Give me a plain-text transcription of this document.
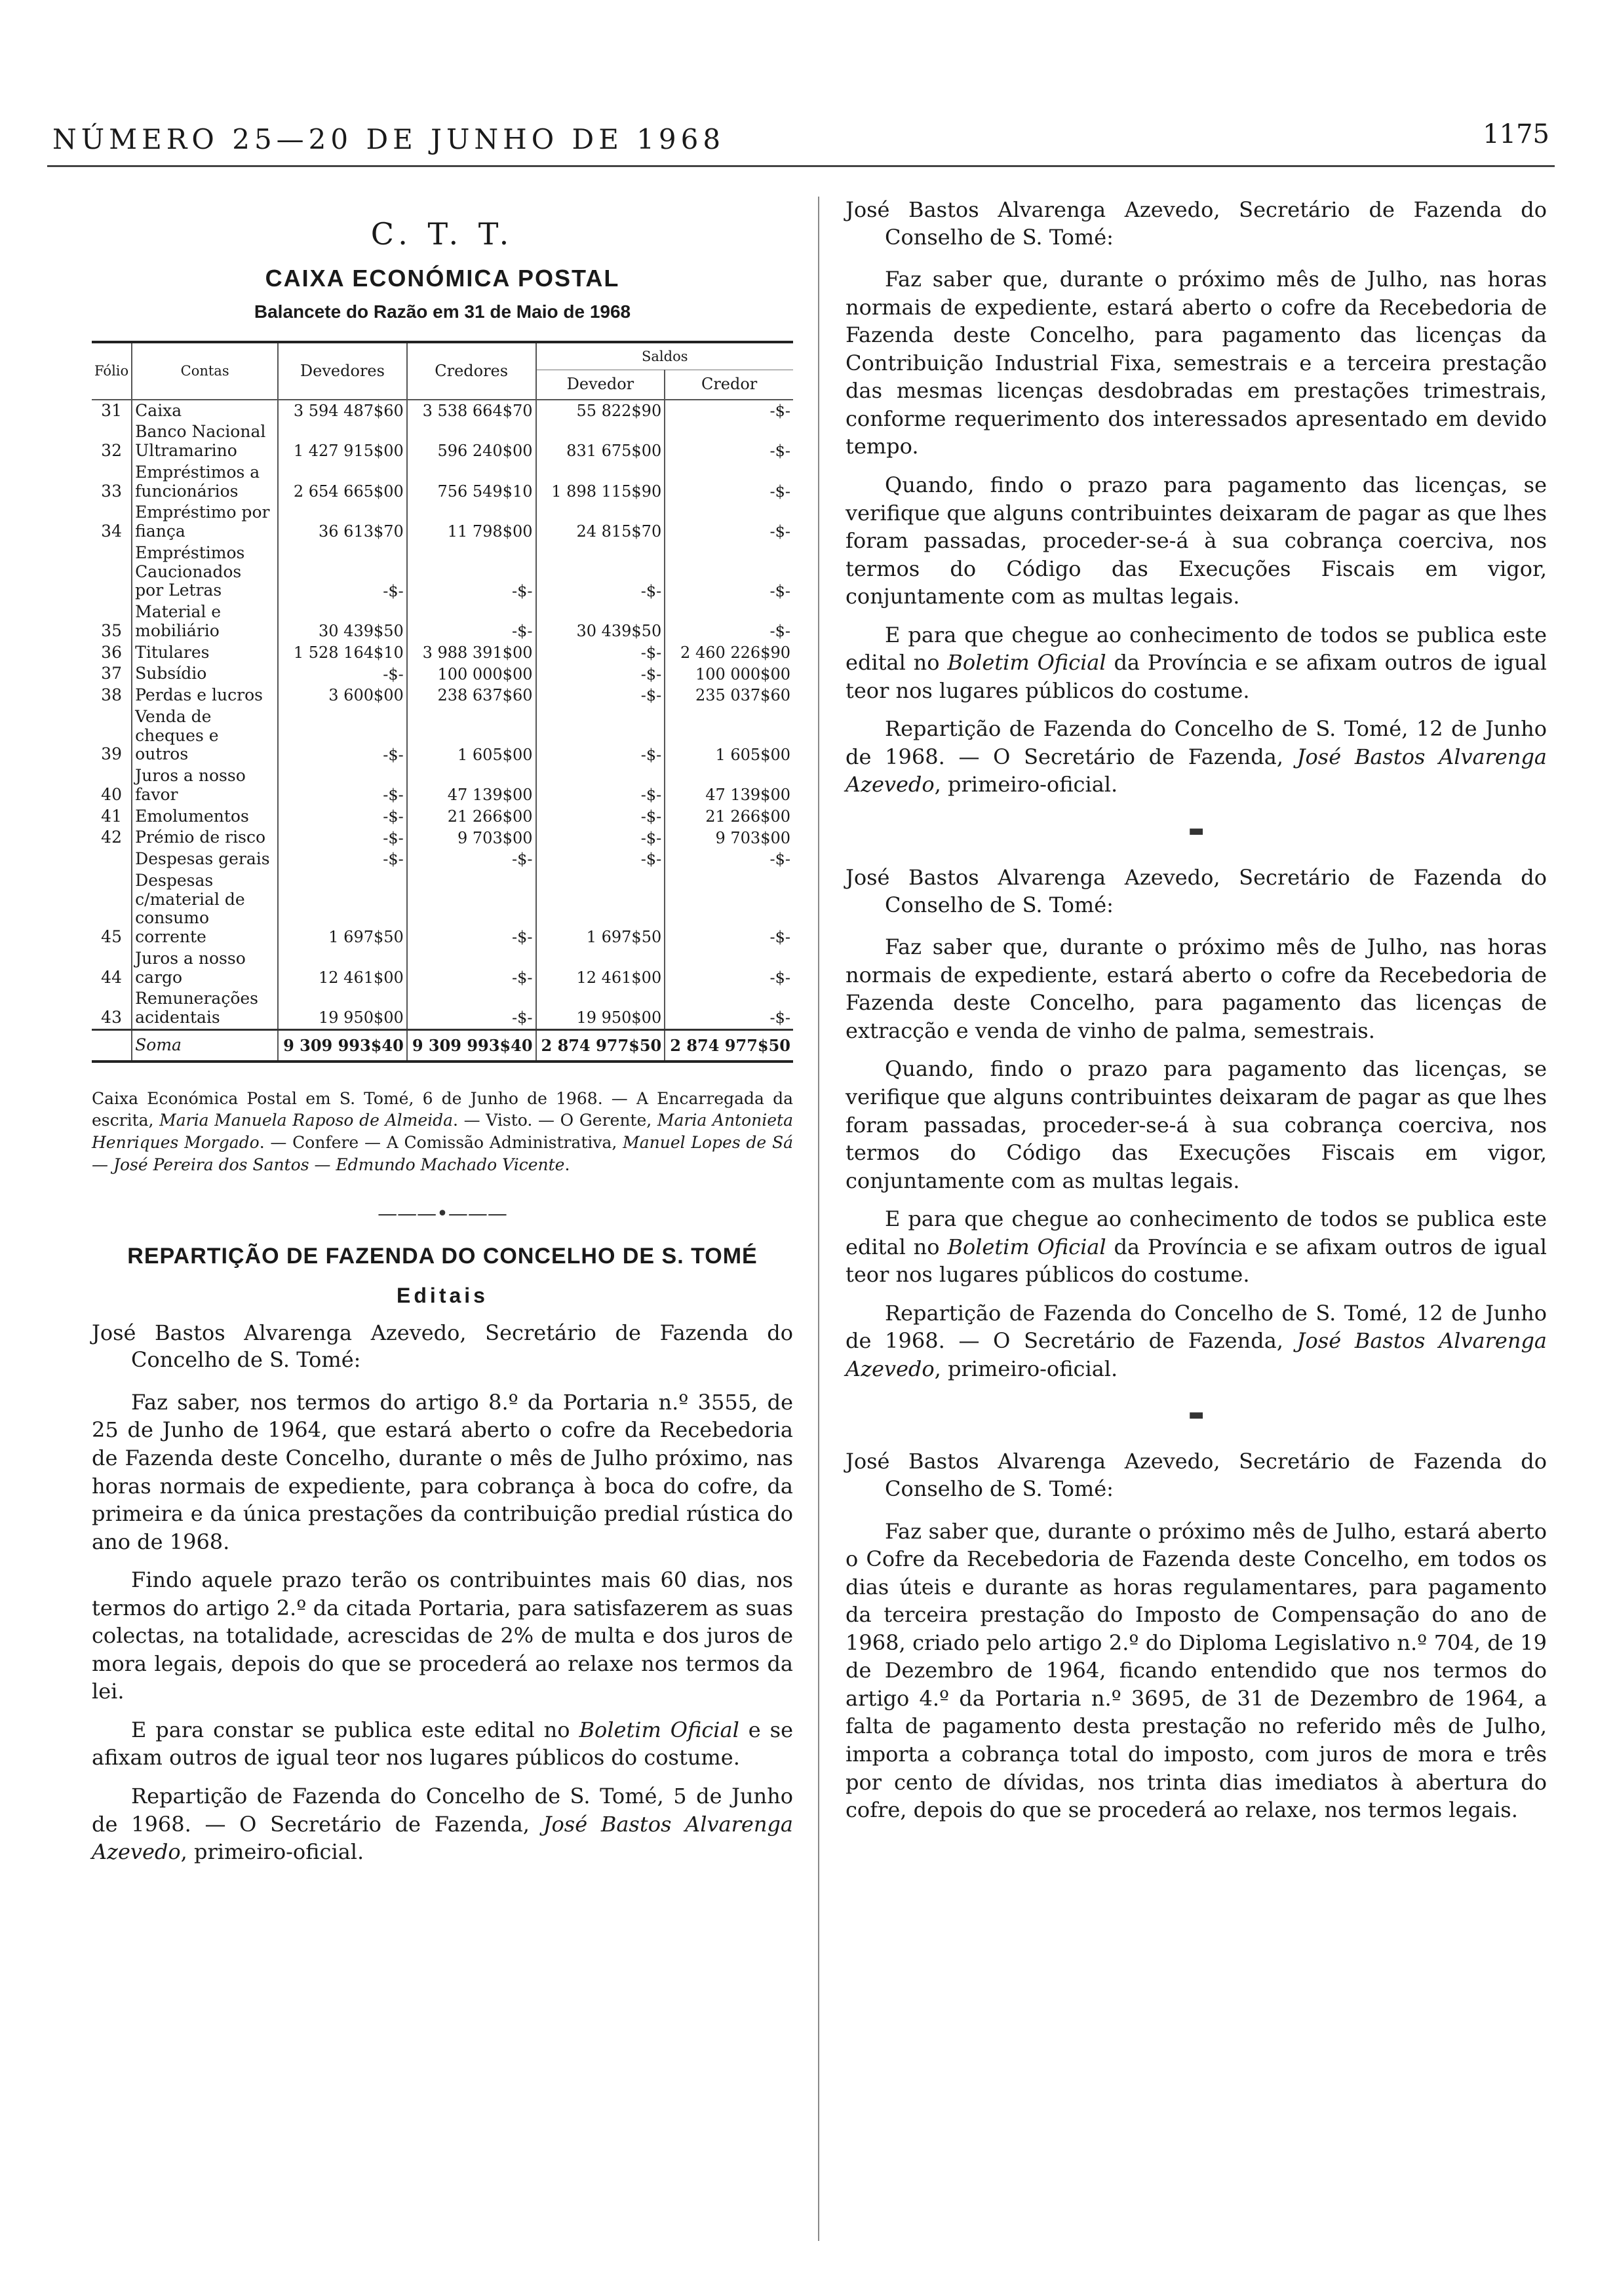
NÚMERO 25—20 DE JUNHO DE 1968	1175
C. T. T.
CAIXA ECONÓMICA POSTAL
Balancete do Razão em 31 de Maio de 1968
Fólio	Contas	Devedores	Credores	Saldos	
				Devedor	Credor
31	Caixa	3 594 487$60	3 538 664$70	55 822$90	-$-
32	Banco Nacional Ultramarino	1 427 915$00	596 240$00	831 675$00	-$-
33	Empréstimos a funcionários	2 654 665$00	756 549$10	1 898 115$90	-$-
34	Empréstimo por fiança	36 613$70	11 798$00	24 815$70	-$-
	Empréstimos Caucionados por Letras	-$-	-$-	-$-	-$-
35	Material e mobiliário	30 439$50	-$-	30 439$50	-$-
36	Titulares	1 528 164$10	3 988 391$00	-$-	2 460 226$90
37	Subsídio	-$-	100 000$00	-$-	100 000$00
38	Perdas e lucros	3 600$00	238 637$60	-$-	235 037$60
39	Venda de cheques e outros	-$-	1 605$00	-$-	1 605$00
40	Juros a nosso favor	-$-	47 139$00	-$-	47 139$00
41	Emolumentos	-$-	21 266$00	-$-	21 266$00
42	Prémio de risco	-$-	9 703$00	-$-	9 703$00
	Despesas gerais	-$-	-$-	-$-	-$-
45	Despesas c/material de consumo corrente	1 697$50	-$-	1 697$50	-$-
44	Juros a nosso cargo	12 461$00	-$-	12 461$00	-$-
43	Remunerações acidentais	19 950$00	-$-	19 950$00	-$-
	Soma	9 309 993$40	9 309 993$40	2 874 977$50	2 874 977$50

Caixa Económica Postal em S. Tomé, 6 de Junho de 1968. — A Encarregada da escrita, Maria Manuela Raposo de Almeida. — Visto. — O Gerente, Maria Antonieta Henriques Morgado. — Confere — A Comissão Administrativa, Manuel Lopes de Sá — José Pereira dos Santos — Edmundo Machado Vicente.

———•———
REPARTIÇÃO DE FAZENDA DO CONCELHO DE S. TOMÉ
Editais

José Bastos Alvarenga Azevedo, Secretário de Fazenda do Concelho de S. Tomé:

Faz saber, nos termos do artigo 8.º da Portaria n.º 3555, de 25 de Junho de 1964, que estará aberto o cofre da Recebedoria de Fazenda deste Concelho, durante o mês de Julho próximo, nas horas normais de expediente, para cobrança à boca do cofre, da primeira e da única prestações da contribuição predial rústica do ano de 1968.

Findo aquele prazo terão os contribuintes mais 60 dias, nos termos do artigo 2.º da citada Portaria, para satisfazerem as suas colectas, na totalidade, acrescidas de 2% de multa e dos juros de mora legais, depois do que se procederá ao relaxe nos termos da lei.

E para constar se publica este edital no Boletim Oficial e se afixam outros de igual teor nos lugares públicos do costume.

Repartição de Fazenda do Concelho de S. Tomé, 5 de Junho de 1968. — O Secretário de Fazenda, José Bastos Alvarenga Azevedo, primeiro-oficial.

José Bastos Alvarenga Azevedo, Secretário de Fazenda do Conselho de S. Tomé:

Faz saber que, durante o próximo mês de Julho, nas horas normais de expediente, estará aberto o cofre da Recebedoria de Fazenda deste Concelho, para pagamento das licenças da Contribuição Industrial Fixa, semestrais e a terceira prestação das mesmas licenças desdobradas em prestações trimestrais, conforme requerimento dos interessados apresentado em devido tempo.

Quando, findo o prazo para pagamento das licenças, se verifique que alguns contribuintes deixaram de pagar as que lhes foram passadas, proceder-se-á à sua cobrança coerciva, nos termos do Código das Execuções Fiscais em vigor, conjuntamente com as multas legais.

E para que chegue ao conhecimento de todos se publica este edital no Boletim Oficial da Província e se afixam outros de igual teor nos lugares públicos do costume.

Repartição de Fazenda do Concelho de S. Tomé, 12 de Junho de 1968. — O Secretário de Fazenda, José Bastos Alvarenga Azevedo, primeiro-oficial.

▬

José Bastos Alvarenga Azevedo, Secretário de Fazenda do Conselho de S. Tomé:

Faz saber que, durante o próximo mês de Julho, nas horas normais de expediente, estará aberto o cofre da Recebedoria de Fazenda deste Concelho, para pagamento das licenças de extracção e venda de vinho de palma, semestrais.

Quando, findo o prazo para pagamento das licenças, se verifique que alguns contribuintes deixaram de pagar as que lhes foram passadas, proceder-se-á à sua cobrança coerciva, nos termos do Código das Execuções Fiscais em vigor, conjuntamente com as multas legais.

E para que chegue ao conhecimento de todos se publica este edital no Boletim Oficial da Província e se afixam outros de igual teor nos lugares públicos do costume.

Repartição de Fazenda do Concelho de S. Tomé, 12 de Junho de 1968. — O Secretário de Fazenda, José Bastos Alvarenga Azevedo, primeiro-oficial.

▬

José Bastos Alvarenga Azevedo, Secretário de Fazenda do Conselho de S. Tomé:

Faz saber que, durante o próximo mês de Julho, estará aberto o Cofre da Recebedoria de Fazenda deste Concelho, em todos os dias úteis e durante as horas regulamentares, para pagamento da terceira prestação do Imposto de Compensação do ano de 1968, criado pelo artigo 2.º do Diploma Legislativo n.º 704, de 19 de Dezembro de 1964, ficando entendido que nos termos do artigo 4.º da Portaria n.º 3695, de 31 de Dezembro de 1964, a falta de pagamento desta prestação no referido mês de Julho, importa a cobrança total do imposto, com juros de mora e três por cento de dívidas, nos trinta dias imediatos à abertura do cofre, depois do que se procederá ao relaxe, nos termos legais.
